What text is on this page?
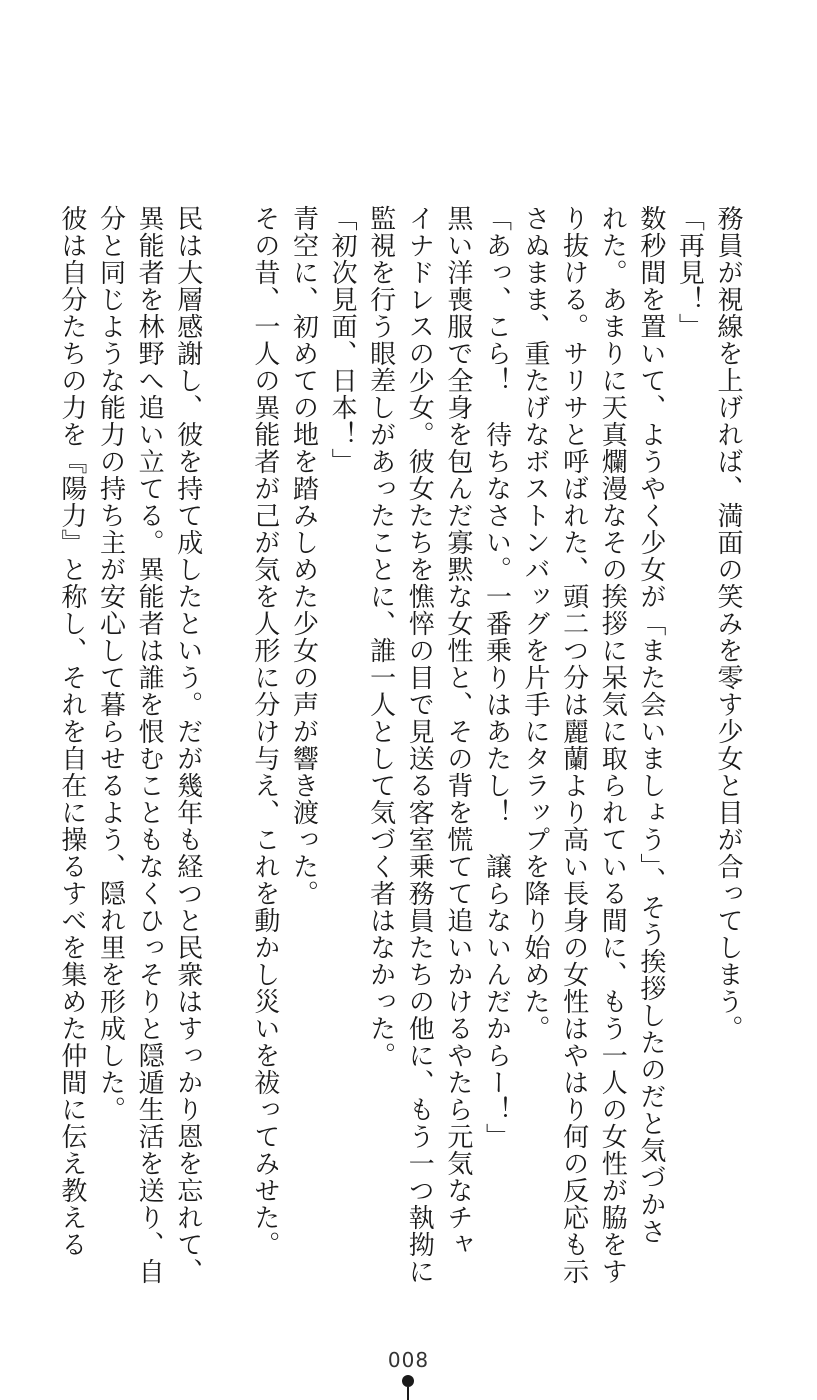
務員が視線を上げれば、満面の笑みを零す少女と目が合ってしまう。
「再見！」
数秒間を置いて、ようやく少女が「また会いましょう」、そう挨拶したのだと気づかさ
れた。あまりに天真爛漫なその挨拶に呆気に取られている間に、もう一人の女性が脇をす
り抜ける。サリサと呼ばれた、頭二つ分は麗蘭より高い長身の女性はやはり何の反応も示
さぬまま、重たげなボストンバッグを片手にタラップを降り始めた。
「あっ、こら！　待ちなさい。一番乗りはあたし！　譲らないんだからー！」
黒い洋喪服で全身を包んだ寡黙な女性と、その背を慌てて追いかけるやたら元気なチャ
イナドレスの少女。彼女たちを憔悴の目で見送る客室乗務員たちの他に、もう一つ執拗に
監視を行う眼差しがあったことに、誰一人として気づく者はなかった。
「初次見面、日本！」
青空に、初めての地を踏みしめた少女の声が響き渡った。
その昔、一人の異能者が己が気を人形に分け与え、これを動かし災いを祓ってみせた。
民は大層感謝し、彼を持て成したという。だが幾年も経つと民衆はすっかり恩を忘れて、
異能者を林野へ追い立てる。異能者は誰を恨むこともなくひっそりと隠遁生活を送り、自
分と同じような能力の持ち主が安心して暮らせるよう、隠れ里を形成した。
彼は自分たちの力を『陽力』と称し、それを自在に操るすべを集めた仲間に伝え教える
008
